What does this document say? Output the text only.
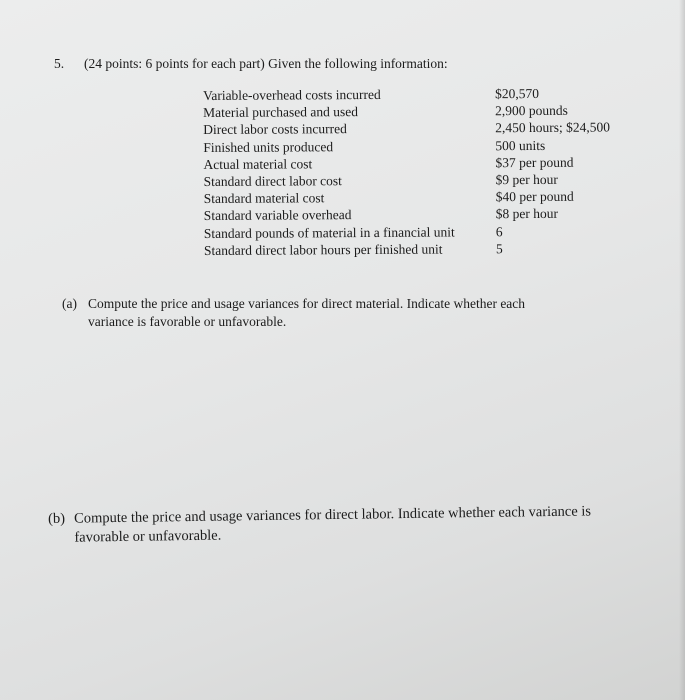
5. (24 points: 6 points for each part) Given the following information:
Variable-overhead costs incurred	$20,570
Material purchased and used	2,900 pounds
Direct labor costs incurred	2,450 hours; $24,500
Finished units produced	500 units
Actual material cost	$37 per pound
Standard direct labor cost	$9 per hour
Standard material cost	$40 per pound
Standard variable overhead	$8 per hour
Standard pounds of material in a financial unit	6
Standard direct labor hours per finished unit	5
(a) Compute the price and usage variances for direct material. Indicate whether each
variance is favorable or unfavorable.
(b) Compute the price and usage variances for direct labor. Indicate whether each variance is
favorable or unfavorable.
